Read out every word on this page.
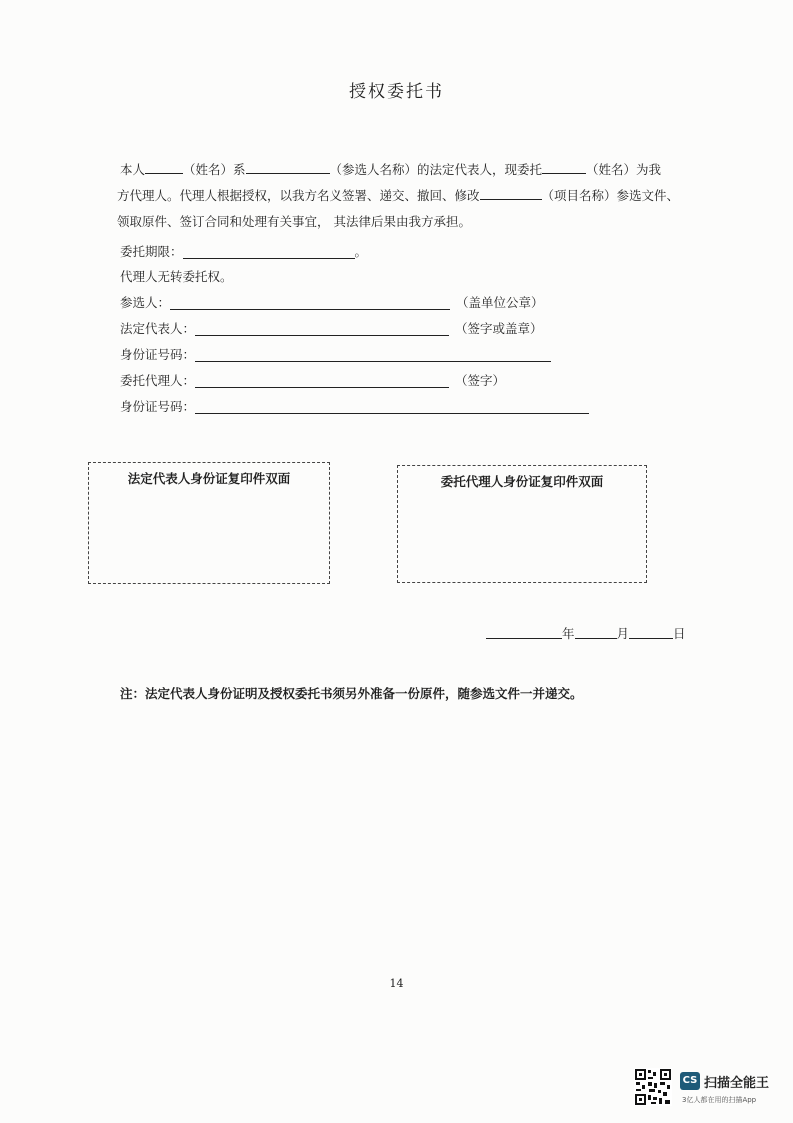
授权委托书
本人	（姓名）系	（参选人名称）的法定代表人，现委托	（姓名）为我
方代理人。代理人根据授权，以我方名义签署、递交、撤回、修改	（项目名称）参选文件、
领取原件、签订合同和处理有关事宜， 其法律后果由我方承担。
委托期限：	。
代理人无转委托权。
参选人：	（盖单位公章）
法定代表人：	（签字或盖章）
身份证号码：
委托代理人：	（签字）
身份证号码：
法定代表人身份证复印件双面	委托代理人身份证复印件双面
年	月	日
注：法定代表人身份证明及授权委托书须另外准备一份原件，随参选文件一并递交。
14
CS 扫描全能王
3亿人都在用的扫描App
